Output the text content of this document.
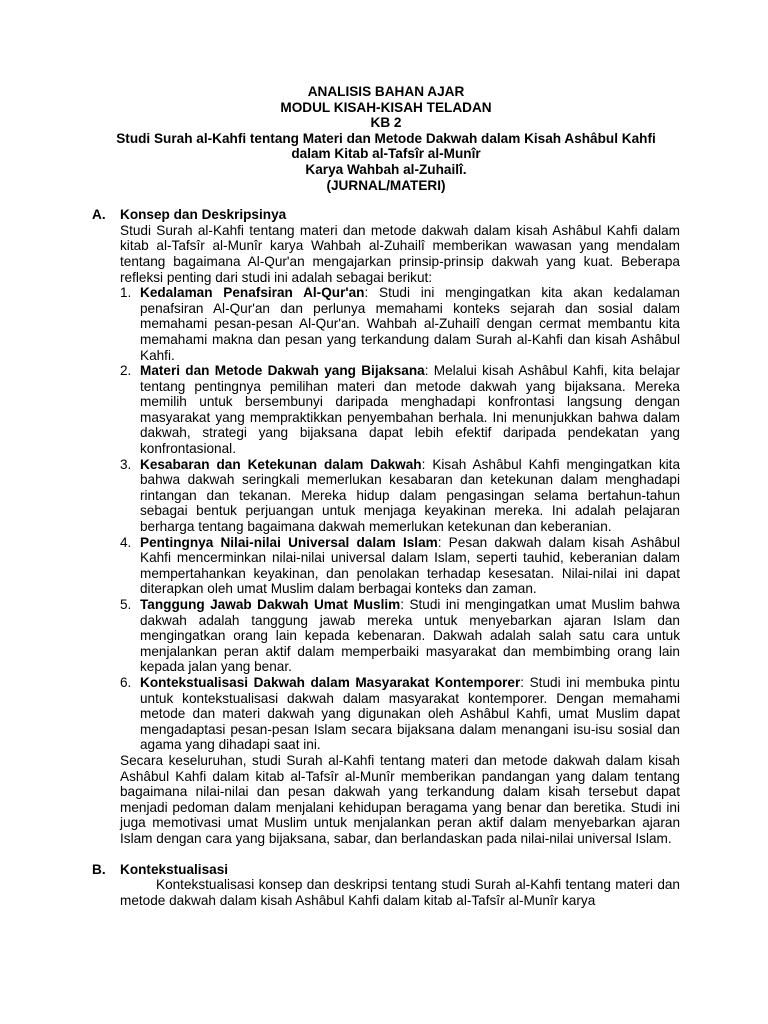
ANALISIS BAHAN AJAR
MODUL KISAH-KISAH TELADAN
KB 2
Studi Surah al-Kahfi tentang Materi dan Metode Dakwah dalam Kisah Ashâbul Kahfi
dalam Kitab al-Tafsîr al-Munîr
Karya Wahbah al-Zuhailî.
(JURNAL/MATERI)
A.	Konsep dan Deskripsinya

Studi Surah al-Kahfi tentang materi dan metode dakwah dalam kisah Ashâbul Kahfi dalam kitab al-Tafsîr al-Munîr karya Wahbah al-Zuhailî memberikan wawasan yang mendalam tentang bagaimana Al-Qur'an mengajarkan prinsip-prinsip dakwah yang kuat. Beberapa refleksi penting dari studi ini adalah sebagai berikut:

1. Kedalaman Penafsiran Al-Qur'an: Studi ini mengingatkan kita akan kedalaman penafsiran Al-Qur'an dan perlunya memahami konteks sejarah dan sosial dalam memahami pesan-pesan Al-Qur'an. Wahbah al-Zuhailî dengan cermat membantu kita memahami makna dan pesan yang terkandung dalam Surah al-Kahfi dan kisah Ashâbul Kahfi.
2. Materi dan Metode Dakwah yang Bijaksana: Melalui kisah Ashâbul Kahfi, kita belajar tentang pentingnya pemilihan materi dan metode dakwah yang bijaksana. Mereka memilih untuk bersembunyi daripada menghadapi konfrontasi langsung dengan masyarakat yang mempraktikkan penyembahan berhala. Ini menunjukkan bahwa dalam dakwah, strategi yang bijaksana dapat lebih efektif daripada pendekatan yang konfrontasional.
3. Kesabaran dan Ketekunan dalam Dakwah: Kisah Ashâbul Kahfi mengingatkan kita bahwa dakwah seringkali memerlukan kesabaran dan ketekunan dalam menghadapi rintangan dan tekanan. Mereka hidup dalam pengasingan selama bertahun-tahun sebagai bentuk perjuangan untuk menjaga keyakinan mereka. Ini adalah pelajaran berharga tentang bagaimana dakwah memerlukan ketekunan dan keberanian.
4. Pentingnya Nilai-nilai Universal dalam Islam: Pesan dakwah dalam kisah Ashâbul Kahfi mencerminkan nilai-nilai universal dalam Islam, seperti tauhid, keberanian dalam mempertahankan keyakinan, dan penolakan terhadap kesesatan. Nilai-nilai ini dapat diterapkan oleh umat Muslim dalam berbagai konteks dan zaman.
5. Tanggung Jawab Dakwah Umat Muslim: Studi ini mengingatkan umat Muslim bahwa dakwah adalah tanggung jawab mereka untuk menyebarkan ajaran Islam dan mengingatkan orang lain kepada kebenaran. Dakwah adalah salah satu cara untuk menjalankan peran aktif dalam memperbaiki masyarakat dan membimbing orang lain kepada jalan yang benar.
6. Kontekstualisasi Dakwah dalam Masyarakat Kontemporer: Studi ini membuka pintu untuk kontekstualisasi dakwah dalam masyarakat kontemporer. Dengan memahami metode dan materi dakwah yang digunakan oleh Ashâbul Kahfi, umat Muslim dapat mengadaptasi pesan-pesan Islam secara bijaksana dalam menangani isu-isu sosial dan agama yang dihadapi saat ini.

Secara keseluruhan, studi Surah al-Kahfi tentang materi dan metode dakwah dalam kisah Ashâbul Kahfi dalam kitab al-Tafsîr al-Munîr memberikan pandangan yang dalam tentang bagaimana nilai-nilai dan pesan dakwah yang terkandung dalam kisah tersebut dapat menjadi pedoman dalam menjalani kehidupan beragama yang benar dan beretika. Studi ini juga memotivasi umat Muslim untuk menjalankan peran aktif dalam menyebarkan ajaran Islam dengan cara yang bijaksana, sabar, dan berlandaskan pada nilai-nilai universal Islam.

B.	Kontekstualisasi

Kontekstualisasi konsep dan deskripsi tentang studi Surah al-Kahfi tentang materi dan metode dakwah dalam kisah Ashâbul Kahfi dalam kitab al-Tafsîr al-Munîr karya
